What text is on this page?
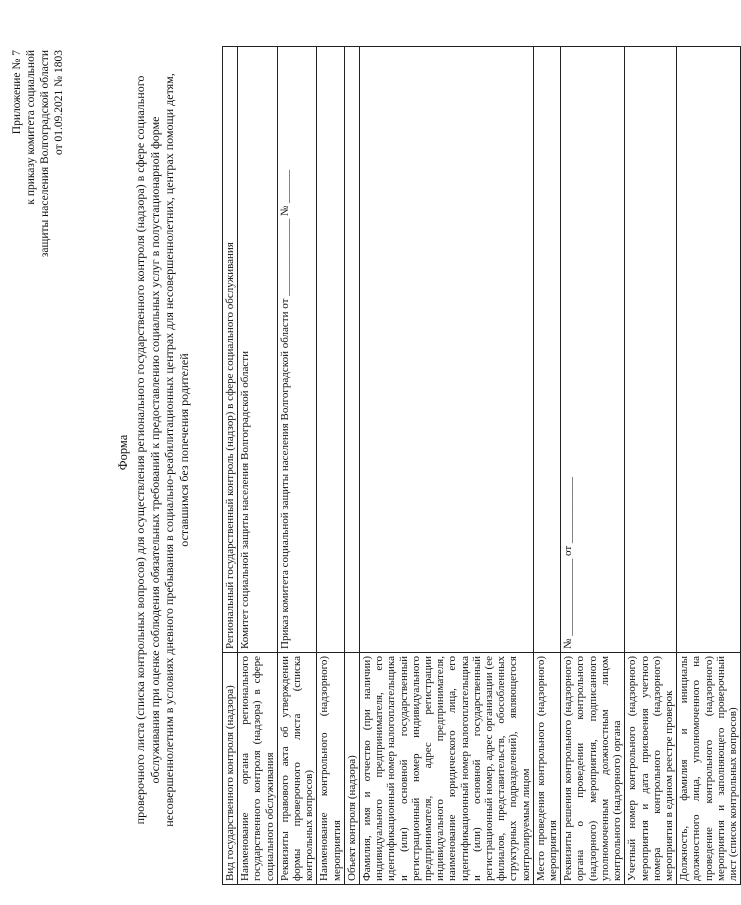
Приложение № 7 к приказу комитета социальной защиты населения Волгоградской области от 01.09.2021 № 1803
Форма проверочного листа (списка контрольных вопросов) для осуществления регионального государственного контроля (надзора) в сфере социального обслуживания при оценке соблюдения обязательных требований к предоставлению социальных услуг в полустационарной форме несовершеннолетним в условиях дневного пребывания в социально-реабилитационных центрах для несовершеннолетних, центрах помощи детям, оставшимся без попечения родителей
Вид государственного контроля (надзора)	Региональный государственный контроль (надзор) в сфере социального обслуживания
Наименование органа регионального государственного контроля (надзора) в сфере социального обслуживания	Комитет социальной защиты населения Волгоградской области
Реквизиты правового акта об утверждении формы проверочного листа (списка контрольных вопросов)	Приказ комитета социальной защиты населения Волгоградской области от ______________ № ______
Наименование контрольного (надзорного) мероприятия	
Объект контроля (надзора)	
Фамилия, имя и отчество (при наличии) индивидуального предпринимателя, его идентификационный номер налогоплательщика и (или) основной государственный регистрационный номер индивидуального предпринимателя, адрес регистрации индивидуального предпринимателя, наименование юридического лица, его идентификационный номер налогоплательщика и (или) основной государственный регистрационный номер, адрес организации (ее филиалов, представительств, обособленных структурных подразделений), являющегося контролируемым лицом	
Место проведения контрольного (надзорного) мероприятия	
Реквизиты решения контрольного (надзорного) органа о проведении контрольного (надзорного) мероприятия, подписанного уполномоченным должностным лицом контрольного (надзорного) органа	№ ______________ от ____________
Учетный номер контрольного (надзорного) мероприятия и дата присвоения учетного номера контрольного (надзорного) мероприятия в едином реестре проверок	
Должность, фамилия и инициалы должностного лица, уполномоченного на проведение контрольного (надзорного) мероприятия и заполняющего проверочный лист (список контрольных вопросов)	
